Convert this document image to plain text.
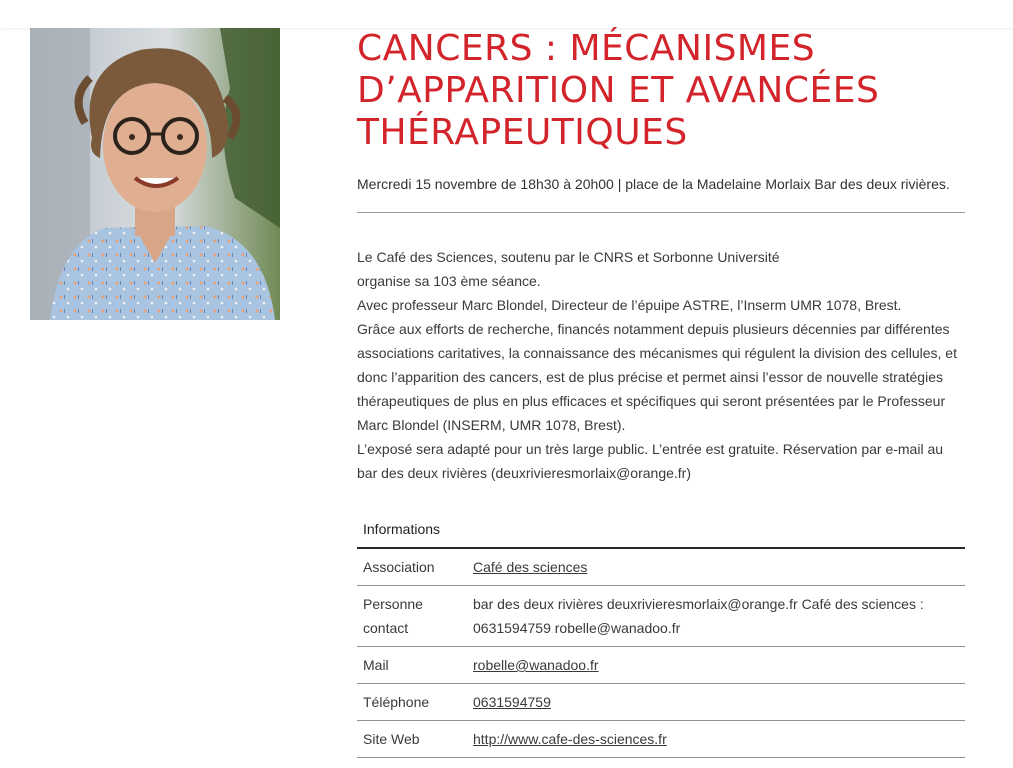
CANCERS : MÉCANISMES
D’APPARITION ET AVANCÉES
THÉRAPEUTIQUES
Mercredi 15 novembre de 18h30 à 20h00 | place de la Madelaine Morlaix Bar des deux rivières.

Le Café des Sciences, soutenu par le CNRS et Sorbonne Université

organise sa 103 ème séance.

Avec professeur Marc Blondel, Directeur de l’épuipe ASTRE, l’Inserm UMR 1078, Brest.

Grâce aux efforts de recherche, financés notamment depuis plusieurs décennies par différentes associations caritatives, la connaissance des mécanismes qui régulent la division des cellules, et donc l’apparition des cancers, est de plus précise et permet ainsi l’essor de nouvelle stratégies thérapeutiques de plus en plus efficaces et spécifiques qui seront présentées par le Professeur Marc Blondel (INSERM, UMR 1078, Brest).

L’exposé sera adapté pour un très large public. L’entrée est gratuite. Réservation par e-mail au bar des deux rivières (deuxrivieresmorlaix@orange.fr)

Informations
Association	Café des sciences
Personne contact	bar des deux rivières deuxrivieresmorlaix@orange.fr Café des sciences : 0631594759 robelle@wanadoo.fr
Mail	robelle@wanadoo.fr
Téléphone	0631594759
Site Web	http://www.cafe-des-sciences.fr
